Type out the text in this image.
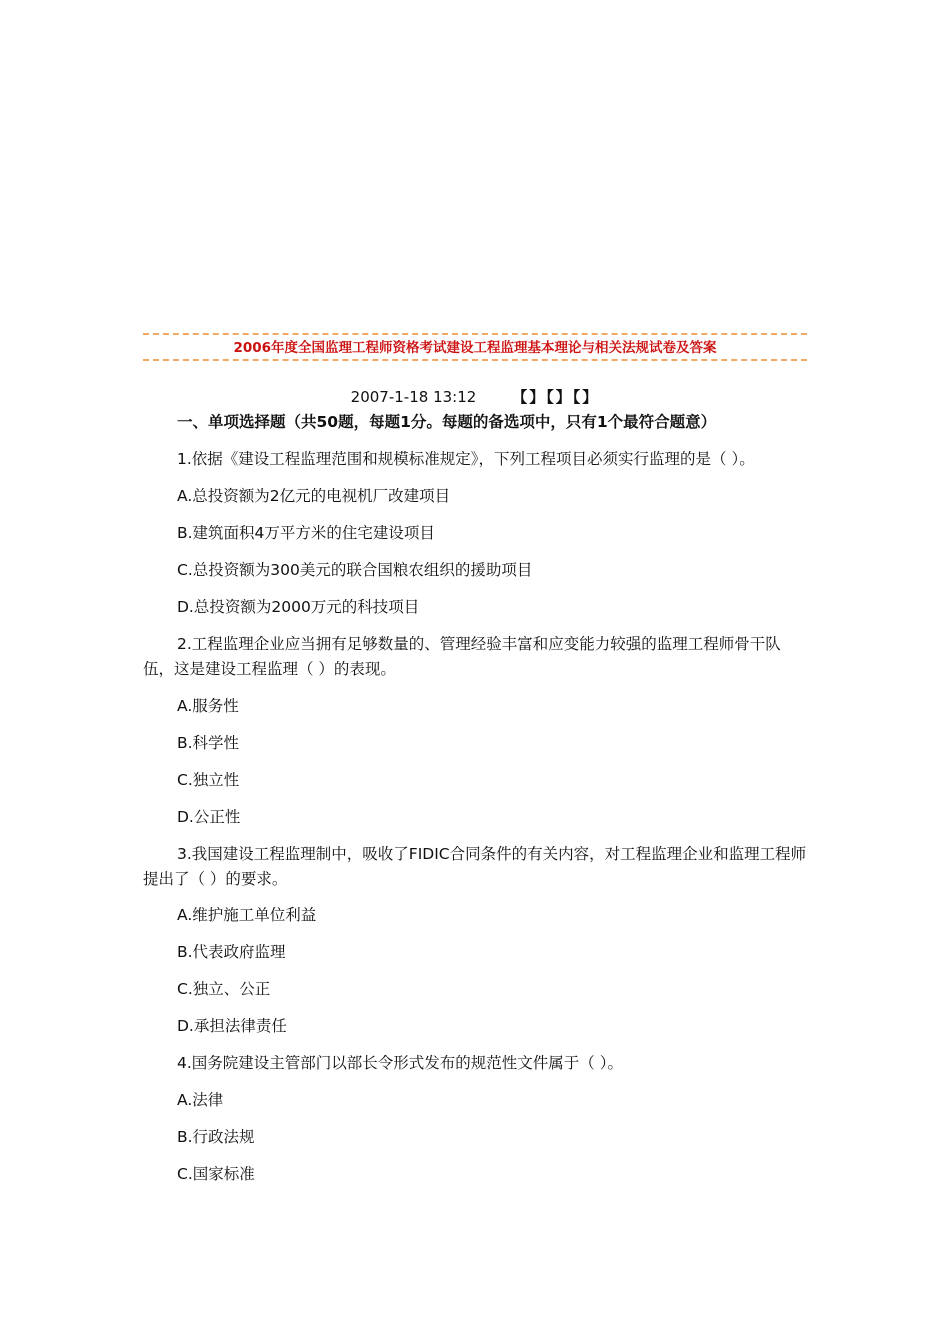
2006年度全国监理工程师资格考试建设工程监理基本理论与相关法规试卷及答案
2007-1-18 13:12 【】【】【】
一、单项选择题（共50题，每题1分。每题的备选项中，只有1个最符合题意）
1.依据《建设工程监理范围和规模标准规定》，下列工程项目必须实行监理的是（ ）。
A.总投资额为2亿元的电视机厂改建项目
B.建筑面积4万平方米的住宅建设项目
C.总投资额为300美元的联合国粮农组织的援助项目
D.总投资额为2000万元的科技项目
2.工程监理企业应当拥有足够数量的、管理经验丰富和应变能力较强的监理工程师骨干队伍，这是建设工程监理（ ）的表现。
A.服务性
B.科学性
C.独立性
D.公正性
3.我国建设工程监理制中，吸收了FIDIC合同条件的有关内容，对工程监理企业和监理工程师提出了（ ）的要求。
A.维护施工单位利益
B.代表政府监理
C.独立、公正
D.承担法律责任
4.国务院建设主管部门以部长令形式发布的规范性文件属于（ ）。
A.法律
B.行政法规
C.国家标准
